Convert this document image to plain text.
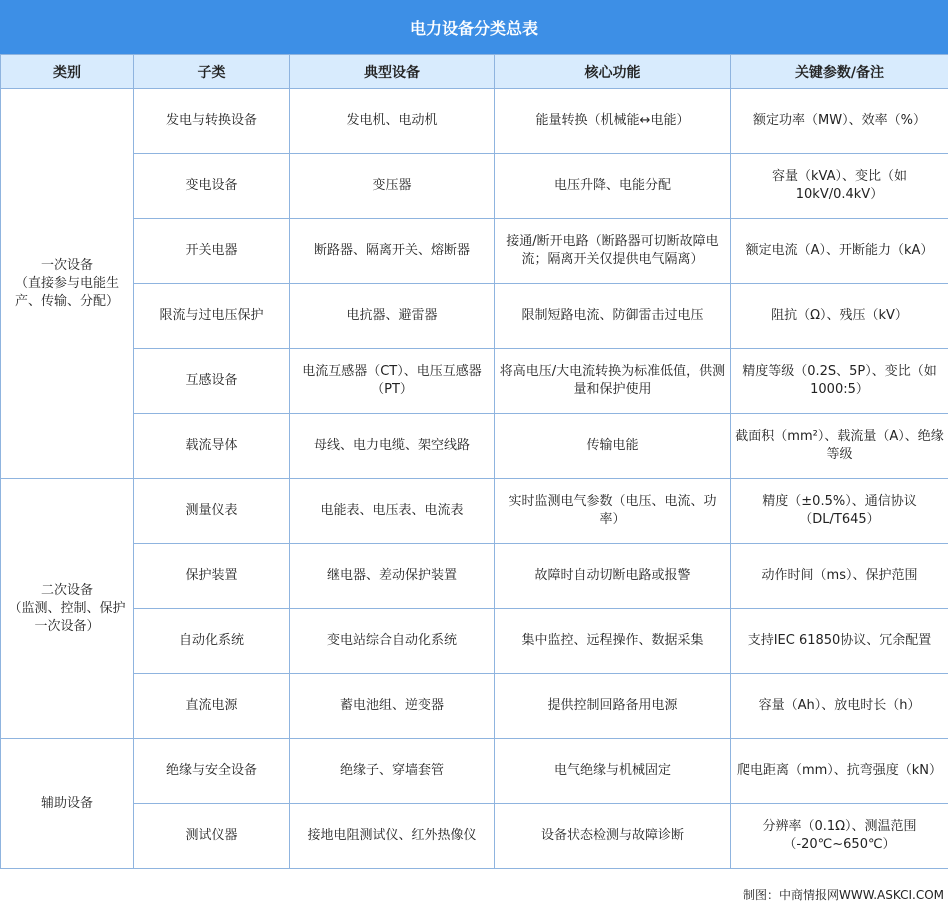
电力设备分类总表
类别	子类	典型设备	核心功能	关键参数/备注

一次设备
（直接参与电能生产、传输、分配）	发电与转换设备	发电机、电动机	能量转换（机械能↔电能）	额定功率（MW）、效率（%）
	变电设备	变压器	电压升降、电能分配	容量（kVA）、变比（如10kV/0.4kV）
	开关电器	断路器、隔离开关、熔断器	接通/断开电路（断路器可切断故障电流；隔离开关仅提供电气隔离）	额定电流（A）、开断能力（kA）
	限流与过电压保护	电抗器、避雷器	限制短路电流、防御雷击过电压	阻抗（Ω）、残压（kV）
	互感设备	电流互感器（CT）、电压互感器（PT）	将高电压/大电流转换为标准低值，供测量和保护使用	精度等级（0.2S、5P）、变比（如1000:5）
	载流导体	母线、电力电缆、架空线路	传输电能	截面积（mm²）、载流量（A）、绝缘等级

二次设备
（监测、控制、保护一次设备）	测量仪表	电能表、电压表、电流表	实时监测电气参数（电压、电流、功率）	精度（±0.5%）、通信协议（DL/T645）
	保护装置	继电器、差动保护装置	故障时自动切断电路或报警	动作时间（ms）、保护范围
	自动化系统	变电站综合自动化系统	集中监控、远程操作、数据采集	支持IEC 61850协议、冗余配置
	直流电源	蓄电池组、逆变器	提供控制回路备用电源	容量（Ah）、放电时长（h）

辅助设备	绝缘与安全设备	绝缘子、穿墙套管	电气绝缘与机械固定	爬电距离（mm）、抗弯强度（kN）
	测试仪器	接地电阻测试仪、红外热像仪	设备状态检测与故障诊断	分辨率（0.1Ω）、测温范围（-20℃~650℃）
制图：中商情报网WWW.ASKCI.COM
